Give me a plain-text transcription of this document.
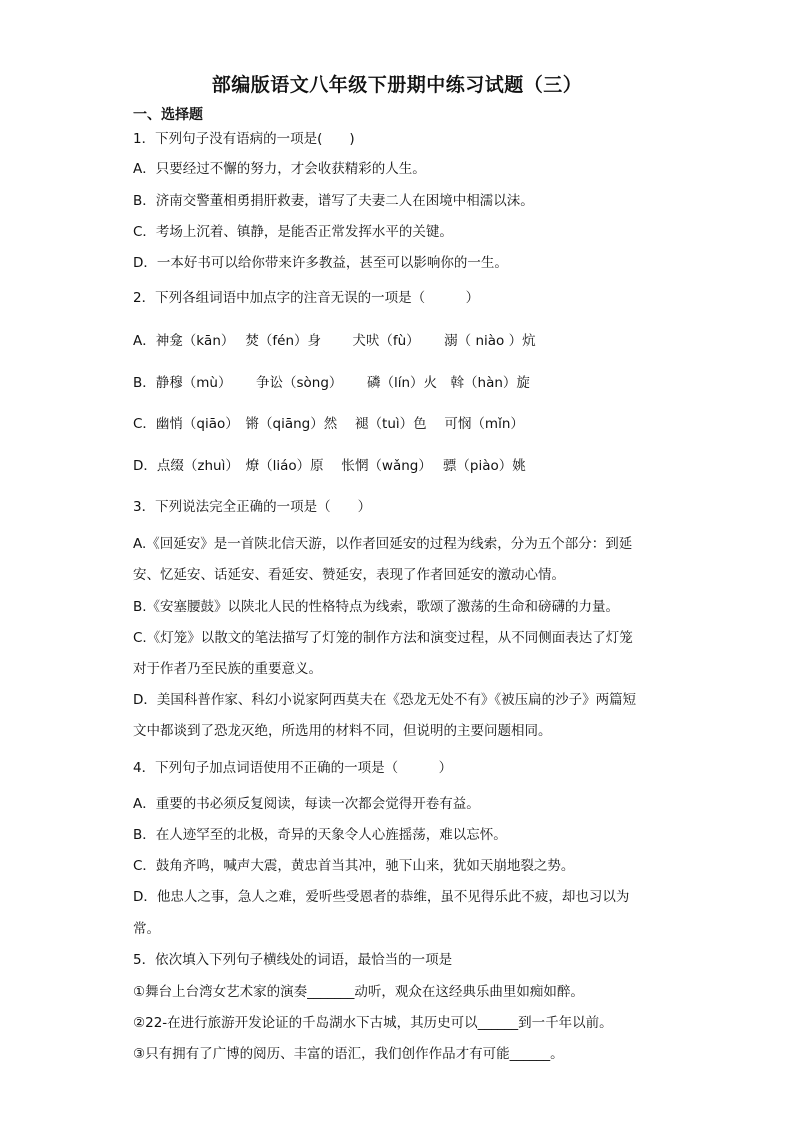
部编版语文八年级下册期中练习试题（三）
一、选择题
1．下列句子没有语病的一项是(　　)
A．只要经过不懈的努力，才会收获精彩的人生。
B．济南交警董相勇捐肝救妻，谱写了夫妻二人在困境中相濡以沫。
C．考场上沉着、镇静，是能否正常发挥水平的关键。
D．一本好书可以给你带来许多教益，甚至可以影响你的一生。
2．下列各组词语中加点字的注音无误的一项是（　　　）
A．神龛（kān）　 焚（fén）身　　 犬吠（fù）　　 溺（ niào ）炕
B．静穆（mù）　　 争讼（sòng）　　 磷（lín）火　斡（hàn）旋
C．幽悄（qiāo）　锵（qiāng）然　 褪（tuì）色　 可悯（mǐn）
D．点缀（zhuì）　燎（liáo）原　 怅惘（wǎng）　 骠（piào）姚
3．下列说法完全正确的一项是（　　）
A.《回延安》是一首陕北信天游，以作者回延安的过程为线索，分为五个部分：到延
安、忆延安、话延安、看延安、赞延安，表现了作者回延安的激动心情。
B.《安塞腰鼓》以陕北人民的性格特点为线索，歌颂了激荡的生命和磅礴的力量。
C.《灯笼》以散文的笔法描写了灯笼的制作方法和演变过程，从不同侧面表达了灯笼
对于作者乃至民族的重要意义。
D．美国科普作家、科幻小说家阿西莫夫在《恐龙无处不有》《被压扁的沙子》两篇短
文中都谈到了恐龙灭绝，所选用的材料不同，但说明的主要问题相同。
4．下列句子加点词语使用不正确的一项是（　　　）
A．重要的书必须反复阅读，每读一次都会觉得开卷有益。
B．在人迹罕至的北极，奇异的天象令人心旌摇荡，难以忘怀。
C．鼓角齐鸣，喊声大震，黄忠首当其冲，驰下山来，犹如天崩地裂之势。
D．他忠人之事，急人之难，爱听些受恩者的恭维，虽不见得乐此不疲，却也习以为
常。
5．依次填入下列句子横线处的词语，最恰当的一项是
①舞台上台湾女艺术家的演奏_______动听，观众在这经典乐曲里如痴如醉。
②22-在进行旅游开发论证的千岛湖水下古城，其历史可以______到一千年以前。
③只有拥有了广博的阅历、丰富的语汇，我们创作作品才有可能______。
